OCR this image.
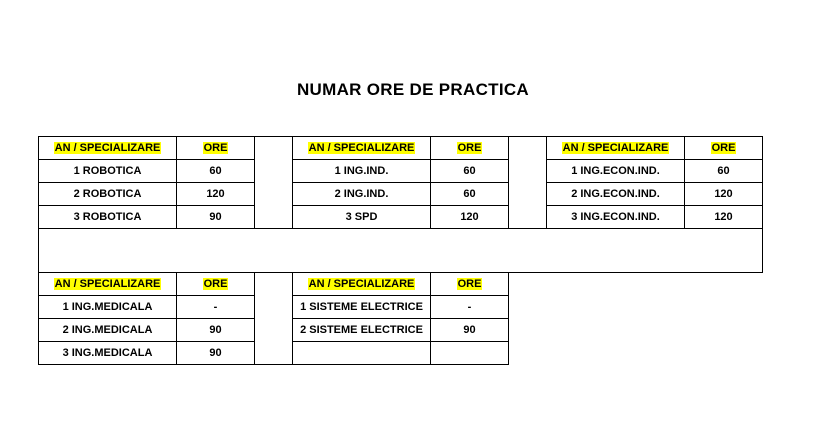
NUMAR ORE DE PRACTICA
AN / SPECIALIZARE	ORE		AN / SPECIALIZARE	ORE		AN / SPECIALIZARE	ORE
1 ROBOTICA	60		1 ING.IND.	60		1 ING.ECON.IND.	60
2 ROBOTICA	120		2 ING.IND.	60		2 ING.ECON.IND.	120
3 ROBOTICA	90		3 SPD	120		3 ING.ECON.IND.	120

AN / SPECIALIZARE	ORE		AN / SPECIALIZARE	ORE			
1 ING.MEDICALA	-		1 SISTEME ELECTRICE	-			
2 ING.MEDICALA	90		2 SISTEME ELECTRICE	90			
3 ING.MEDICALA	90						
